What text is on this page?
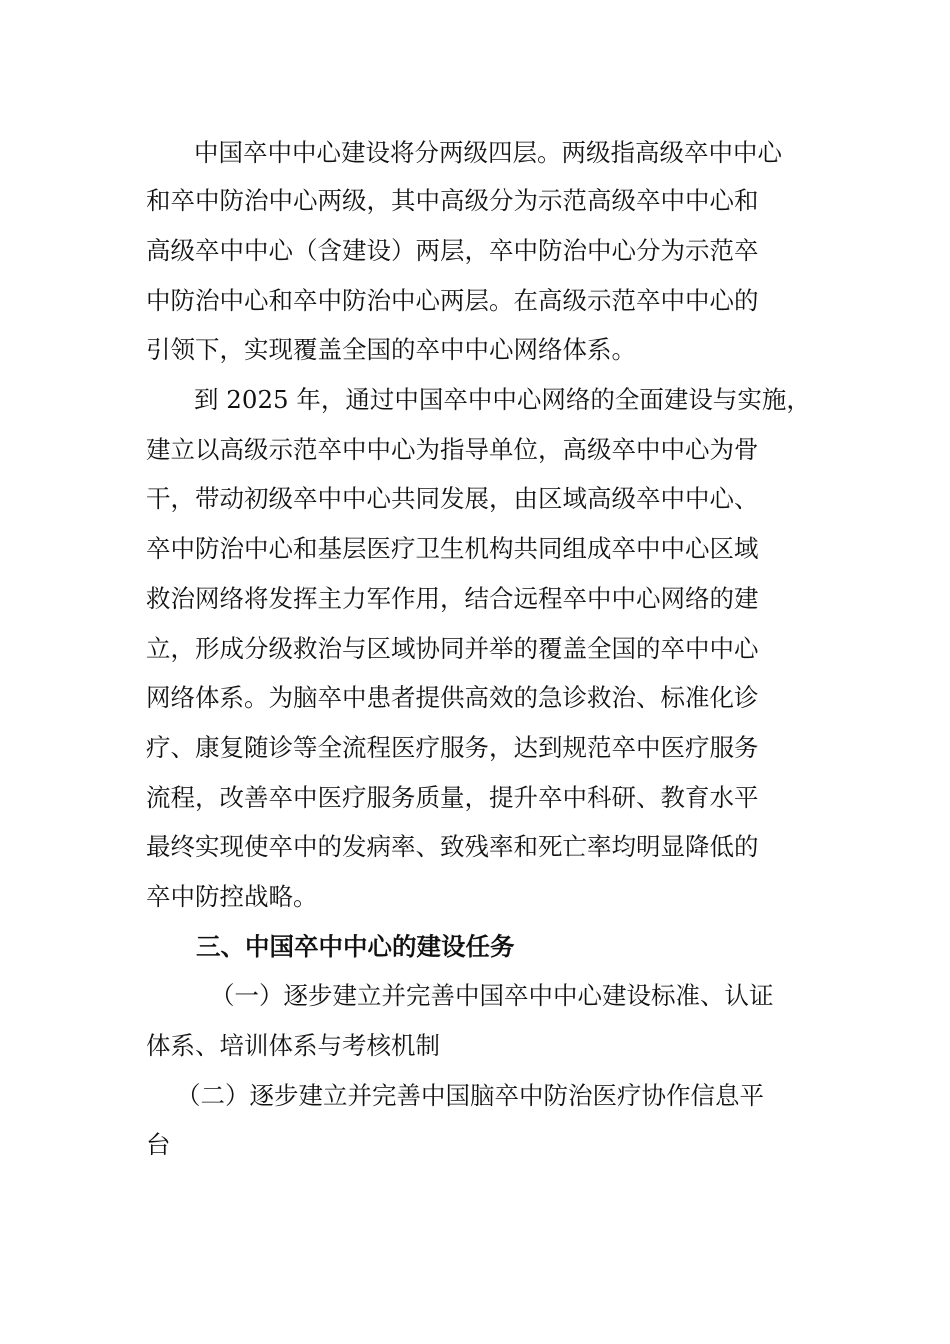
中国卒中中心建设将分两级四层。两级指高级卒中中心
和卒中防治中心两级，其中高级分为示范高级卒中中心和
高级卒中中心（含建设）两层，卒中防治中心分为示范卒
中防治中心和卒中防治中心两层。在高级示范卒中中心的
引领下，实现覆盖全国的卒中中心网络体系。
到 2025 年，通过中国卒中中心网络的全面建设与实施，
建立以高级示范卒中中心为指导单位，高级卒中中心为骨
干，带动初级卒中中心共同发展，由区域高级卒中中心、
卒中防治中心和基层医疗卫生机构共同组成卒中中心区域
救治网络将发挥主力军作用，结合远程卒中中心网络的建
立，形成分级救治与区域协同并举的覆盖全国的卒中中心
网络体系。为脑卒中患者提供高效的急诊救治、标准化诊
疗、康复随诊等全流程医疗服务，达到规范卒中医疗服务
流程，改善卒中医疗服务质量，提升卒中科研、教育水平
最终实现使卒中的发病率、致残率和死亡率均明显降低的
卒中防控战略。
三、中国卒中中心的建设任务
（一）逐步建立并完善中国卒中中心建设标准、认证
体系、培训体系与考核机制
（二）逐步建立并完善中国脑卒中防治医疗协作信息平
台
